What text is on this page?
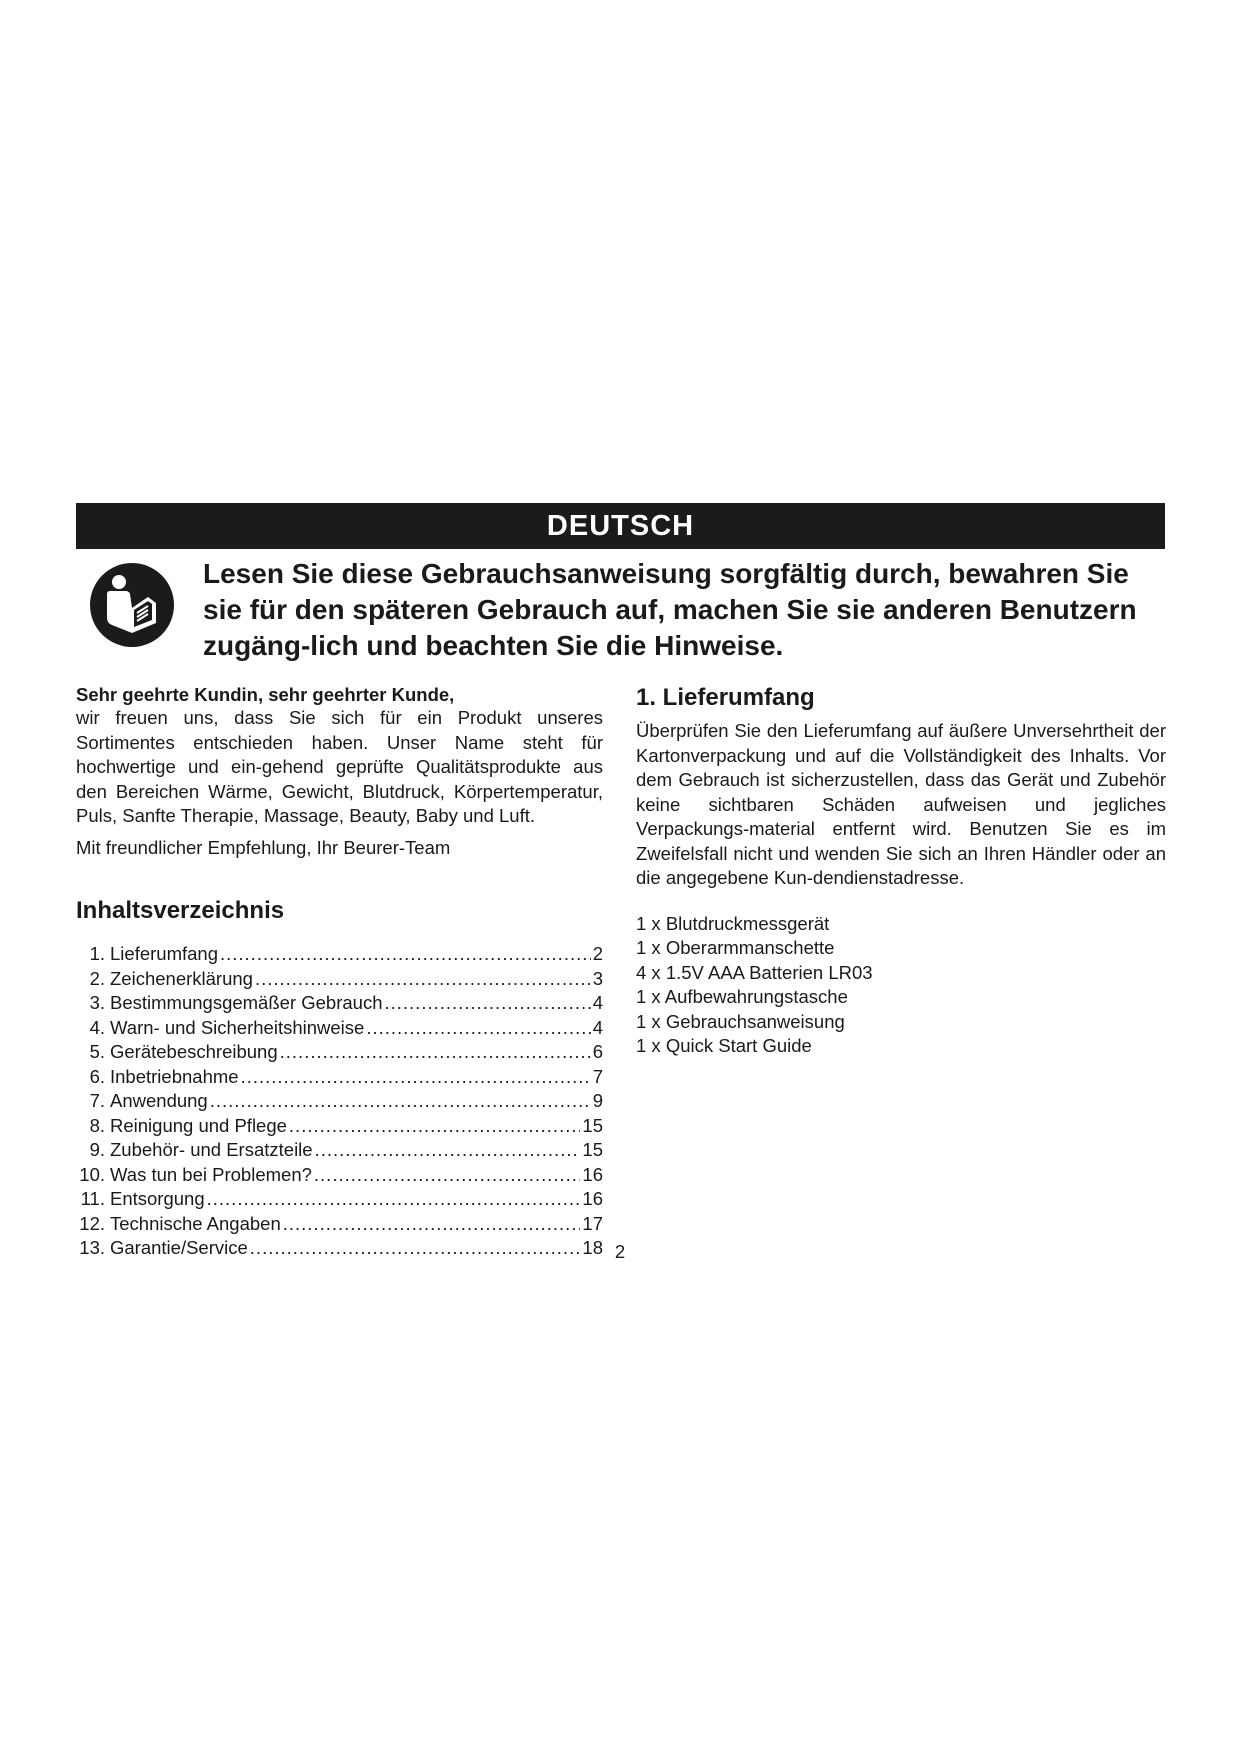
DEUTSCH

Lesen Sie diese Gebrauchsanweisung sorgfältig durch, bewahren Sie sie für den späteren Gebrauch auf, machen Sie sie anderen Benutzern zugäng-lich und beachten Sie die Hinweise.

Sehr geehrte Kundin, sehr geehrter Kunde,

wir freuen uns, dass Sie sich für ein Produkt unseres Sortimentes entschieden haben. Unser Name steht für hochwertige und ein-gehend geprüfte Qualitätsprodukte aus den Bereichen Wärme, Gewicht, Blutdruck, Körpertemperatur, Puls, Sanfte Therapie, Massage, Beauty, Baby und Luft.

Mit freundlicher Empfehlung, Ihr Beurer-Team

Inhaltsverzeichnis
1. Lieferumfang .....	2
2. Zeichenerklärung .....	3
3. Bestimmungsgemäßer Gebrauch .....	4
4. Warn- und Sicherheitshinweise .....	4
5. Gerätebeschreibung .....	6
6. Inbetriebnahme .....	7
7. Anwendung .....	9
8. Reinigung und Pflege .....	15
9. Zubehör- und Ersatzteile .....	15
10. Was tun bei Problemen? .....	16
11. Entsorgung .....	16
12. Technische Angaben .....	17
13. Garantie/Service .....	18
1. Lieferumfang

Überprüfen Sie den Lieferumfang auf äußere Unversehrtheit der Kartonverpackung und auf die Vollständigkeit des Inhalts. Vor dem Gebrauch ist sicherzustellen, dass das Gerät und Zubehör keine sichtbaren Schäden aufweisen und jegliches Verpackungs-material entfernt wird. Benutzen Sie es im Zweifelsfall nicht und wenden Sie sich an Ihren Händler oder an die angegebene Kun-dendienstadresse.

1 x Blutdruckmessgerät
1 x Oberarmmanschette
4 x 1.5V AAA Batterien LR03
1 x Aufbewahrungstasche
1 x Gebrauchsanweisung
1 x Quick Start Guide
2
